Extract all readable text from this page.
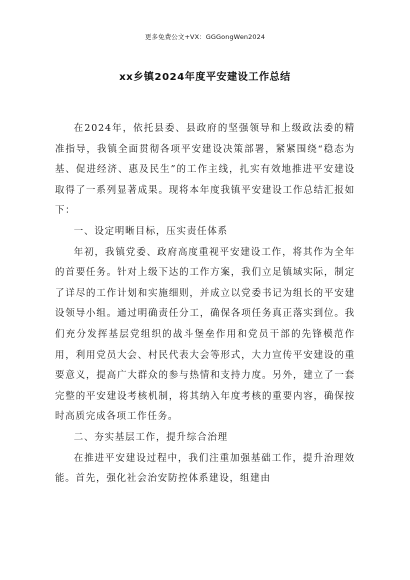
更多免费公文+VX：GGGongWen2024
xx乡镇2024年度平安建设工作总结

在2024年，依托县委、县政府的坚强领导和上级政法委的精准指导，我镇全面贯彻各项平安建设决策部署，紧紧围绕“稳态为基、促进经济、惠及民生”的工作主线，扎实有效地推进平安建设取得了一系列显著成果。现将本年度我镇平安建设工作总结汇报如下：

一、设定明晰目标，压实责任体系

年初，我镇党委、政府高度重视平安建设工作，将其作为全年的首要任务。针对上级下达的工作方案，我们立足镇域实际，制定了详尽的工作计划和实施细则，并成立以党委书记为组长的平安建设领导小组。通过明确责任分工，确保各项任务真正落实到位。我们充分发挥基层党组织的战斗堡垒作用和党员干部的先锋模范作用，利用党员大会、村民代表大会等形式，大力宣传平安建设的重要意义，提高广大群众的参与热情和支持力度。另外，建立了一套完整的平安建设考核机制，将其纳入年度考核的重要内容，确保按时高质完成各项工作任务。

二、夯实基层工作，提升综合治理

在推进平安建设过程中，我们注重加强基础工作，提升治理效能。首先，强化社会治安防控体系建设，组建由
